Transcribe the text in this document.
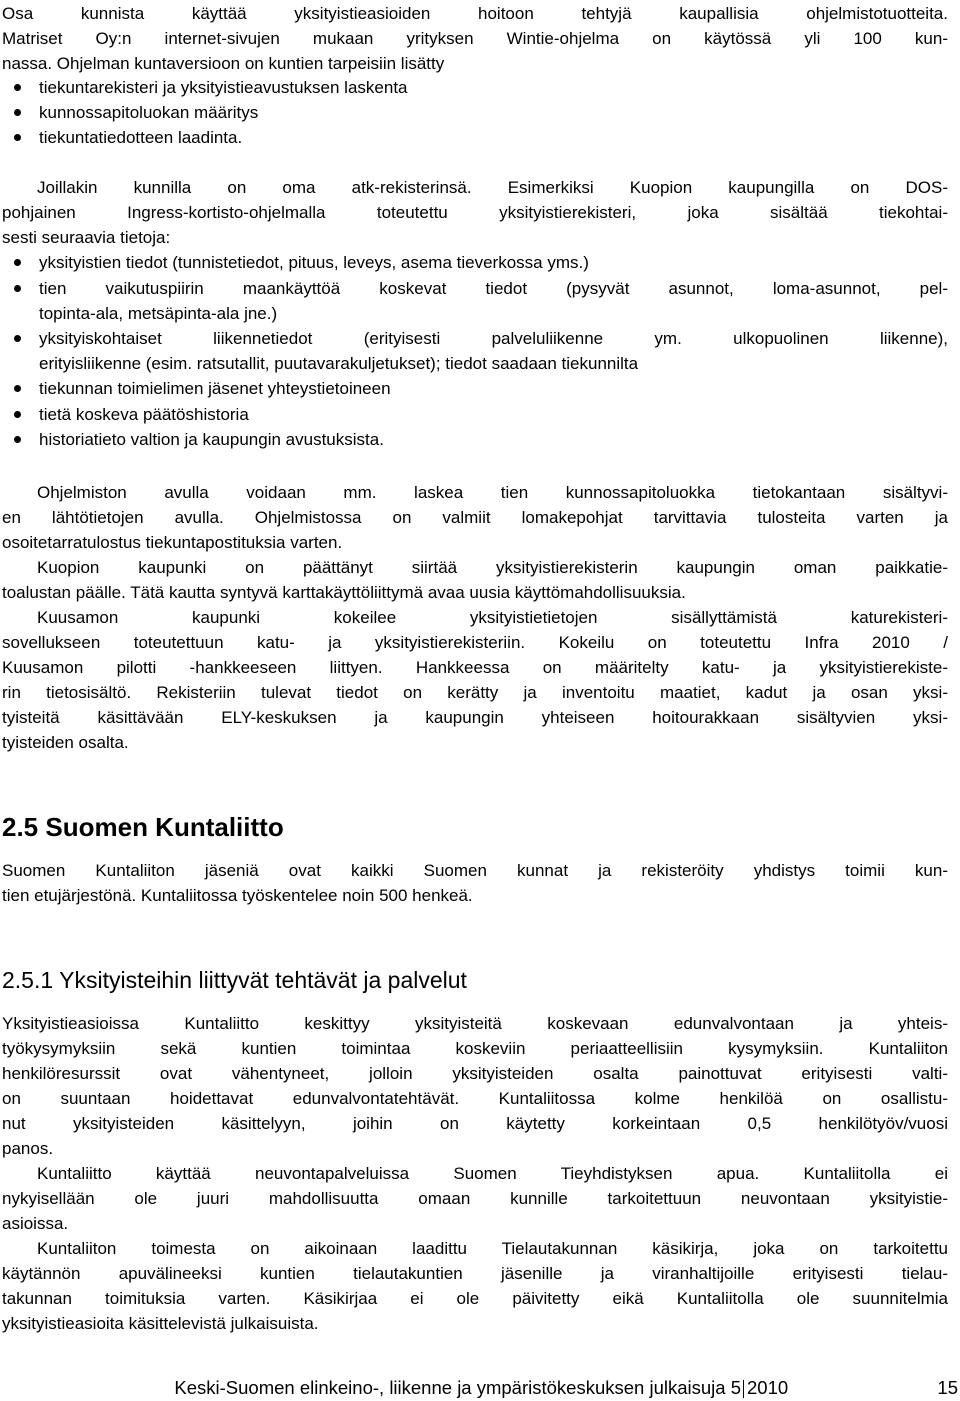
Osa kunnista käyttää yksityistieasioiden hoitoon tehtyjä kaupallisia ohjelmistotuotteita.
Matriset Oy:n internet-sivujen mukaan yrityksen Wintie-ohjelma on käytössä yli 100 kun-
nassa. Ohjelman kuntaversioon on kuntien tarpeisiin lisätty
tiekuntarekisteri ja yksityistieavustuksen laskenta
kunnossapitoluokan määritys
tiekuntatiedotteen laadinta.
Joillakin kunnilla on oma atk-rekisterinsä. Esimerkiksi Kuopion kaupungilla on DOS-
pohjainen Ingress-kortisto-ohjelmalla toteutettu yksityistierekisteri, joka sisältää tiekohtai-
sesti seuraavia tietoja:
yksityistien tiedot (tunnistetiedot, pituus, leveys, asema tieverkossa yms.)
tien vaikutuspiirin maankäyttöä koskevat tiedot (pysyvät asunnot, loma-asunnot, pel-
topinta-ala, metsäpinta-ala jne.)
yksityiskohtaiset liikennetiedot (erityisesti palveluliikenne ym. ulkopuolinen liikenne),
erityisliikenne (esim. ratsutallit, puutavarakuljetukset); tiedot saadaan tiekunnilta
tiekunnan toimielimen jäsenet yhteystietoineen
tietä koskeva päätöshistoria
historiatieto valtion ja kaupungin avustuksista.
Ohjelmiston avulla voidaan mm. laskea tien kunnossapitoluokka tietokantaan sisältyvi-
en lähtötietojen avulla. Ohjelmistossa on valmiit lomakepohjat tarvittavia tulosteita varten ja
osoitetarratulostus tiekuntapostituksia varten.
Kuopion kaupunki on päättänyt siirtää yksityistierekisterin kaupungin oman paikkatie-
toalustan päälle. Tätä kautta syntyvä karttakäyttöliittymä avaa uusia käyttömahdollisuuksia.
Kuusamon kaupunki kokeilee yksityistietietojen sisällyttämistä katurekisteri-
sovellukseen toteutettuun katu- ja yksityistierekisteriin. Kokeilu on toteutettu Infra 2010 /
Kuusamon pilotti -hankkeeseen liittyen. Hankkeessa on määritelty katu- ja yksityistierekiste-
rin tietosisältö. Rekisteriin tulevat tiedot on kerätty ja inventoitu maatiet, kadut ja osan yksi-
tyisteitä käsittävään ELY-keskuksen ja kaupungin yhteiseen hoitourakkaan sisältyvien yksi-
tyisteiden osalta.
2.5 Suomen Kuntaliitto
Suomen Kuntaliiton jäseniä ovat kaikki Suomen kunnat ja rekisteröity yhdistys toimii kun-
tien etujärjestönä. Kuntaliitossa työskentelee noin 500 henkeä.
2.5.1 Yksityisteihin liittyvät tehtävät ja palvelut
Yksityistieasioissa Kuntaliitto keskittyy yksityisteitä koskevaan edunvalvontaan ja yhteis-
työkysymyksiin sekä kuntien toimintaa koskeviin periaatteellisiin kysymyksiin. Kuntaliiton
henkilöresurssit ovat vähentyneet, jolloin yksityisteiden osalta painottuvat erityisesti valti-
on suuntaan hoidettavat edunvalvontatehtävät. Kuntaliitossa kolme henkilöä on osallistu-
nut yksityisteiden käsittelyyn, joihin on käytetty korkeintaan 0,5 henkilötyöv/vuosi
panos.
Kuntaliitto käyttää neuvontapalveluissa Suomen Tieyhdistyksen apua. Kuntaliitolla ei
nykyisellään ole juuri mahdollisuutta omaan kunnille tarkoitettuun neuvontaan yksityistie-
asioissa.
Kuntaliiton toimesta on aikoinaan laadittu Tielautakunnan käsikirja, joka on tarkoitettu
käytännön apuvälineeksi kuntien tielautakuntien jäsenille ja viranhaltijoille erityisesti tielau-
takunnan toimituksia varten. Käsikirjaa ei ole päivitetty eikä Kuntaliitolla ole suunnitelmia
yksityistieasioita käsittelevistä julkaisuista.
Keski-Suomen elinkeino-, liikenne ja ympäristökeskuksen julkaisuja 5 2010	15
